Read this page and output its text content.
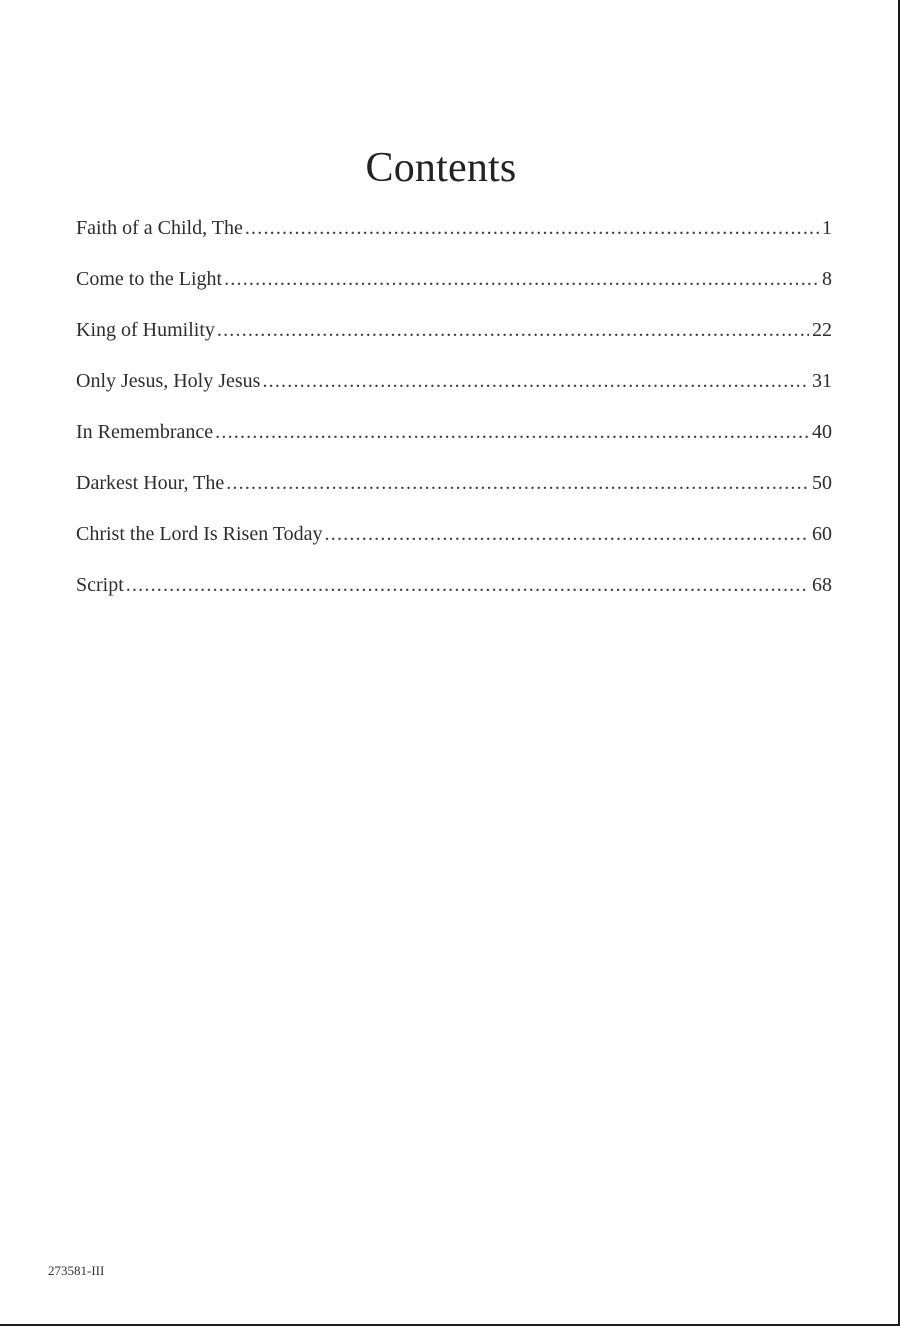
Contents
Faith of a Child, The .....	1
Come to the Light .....	8
King of Humility .....	22
Only Jesus, Holy Jesus .....	31
In Remembrance .....	40
Darkest Hour, The .....	50
Christ the Lord Is Risen Today .....	60
Script .....	68
273581-III
